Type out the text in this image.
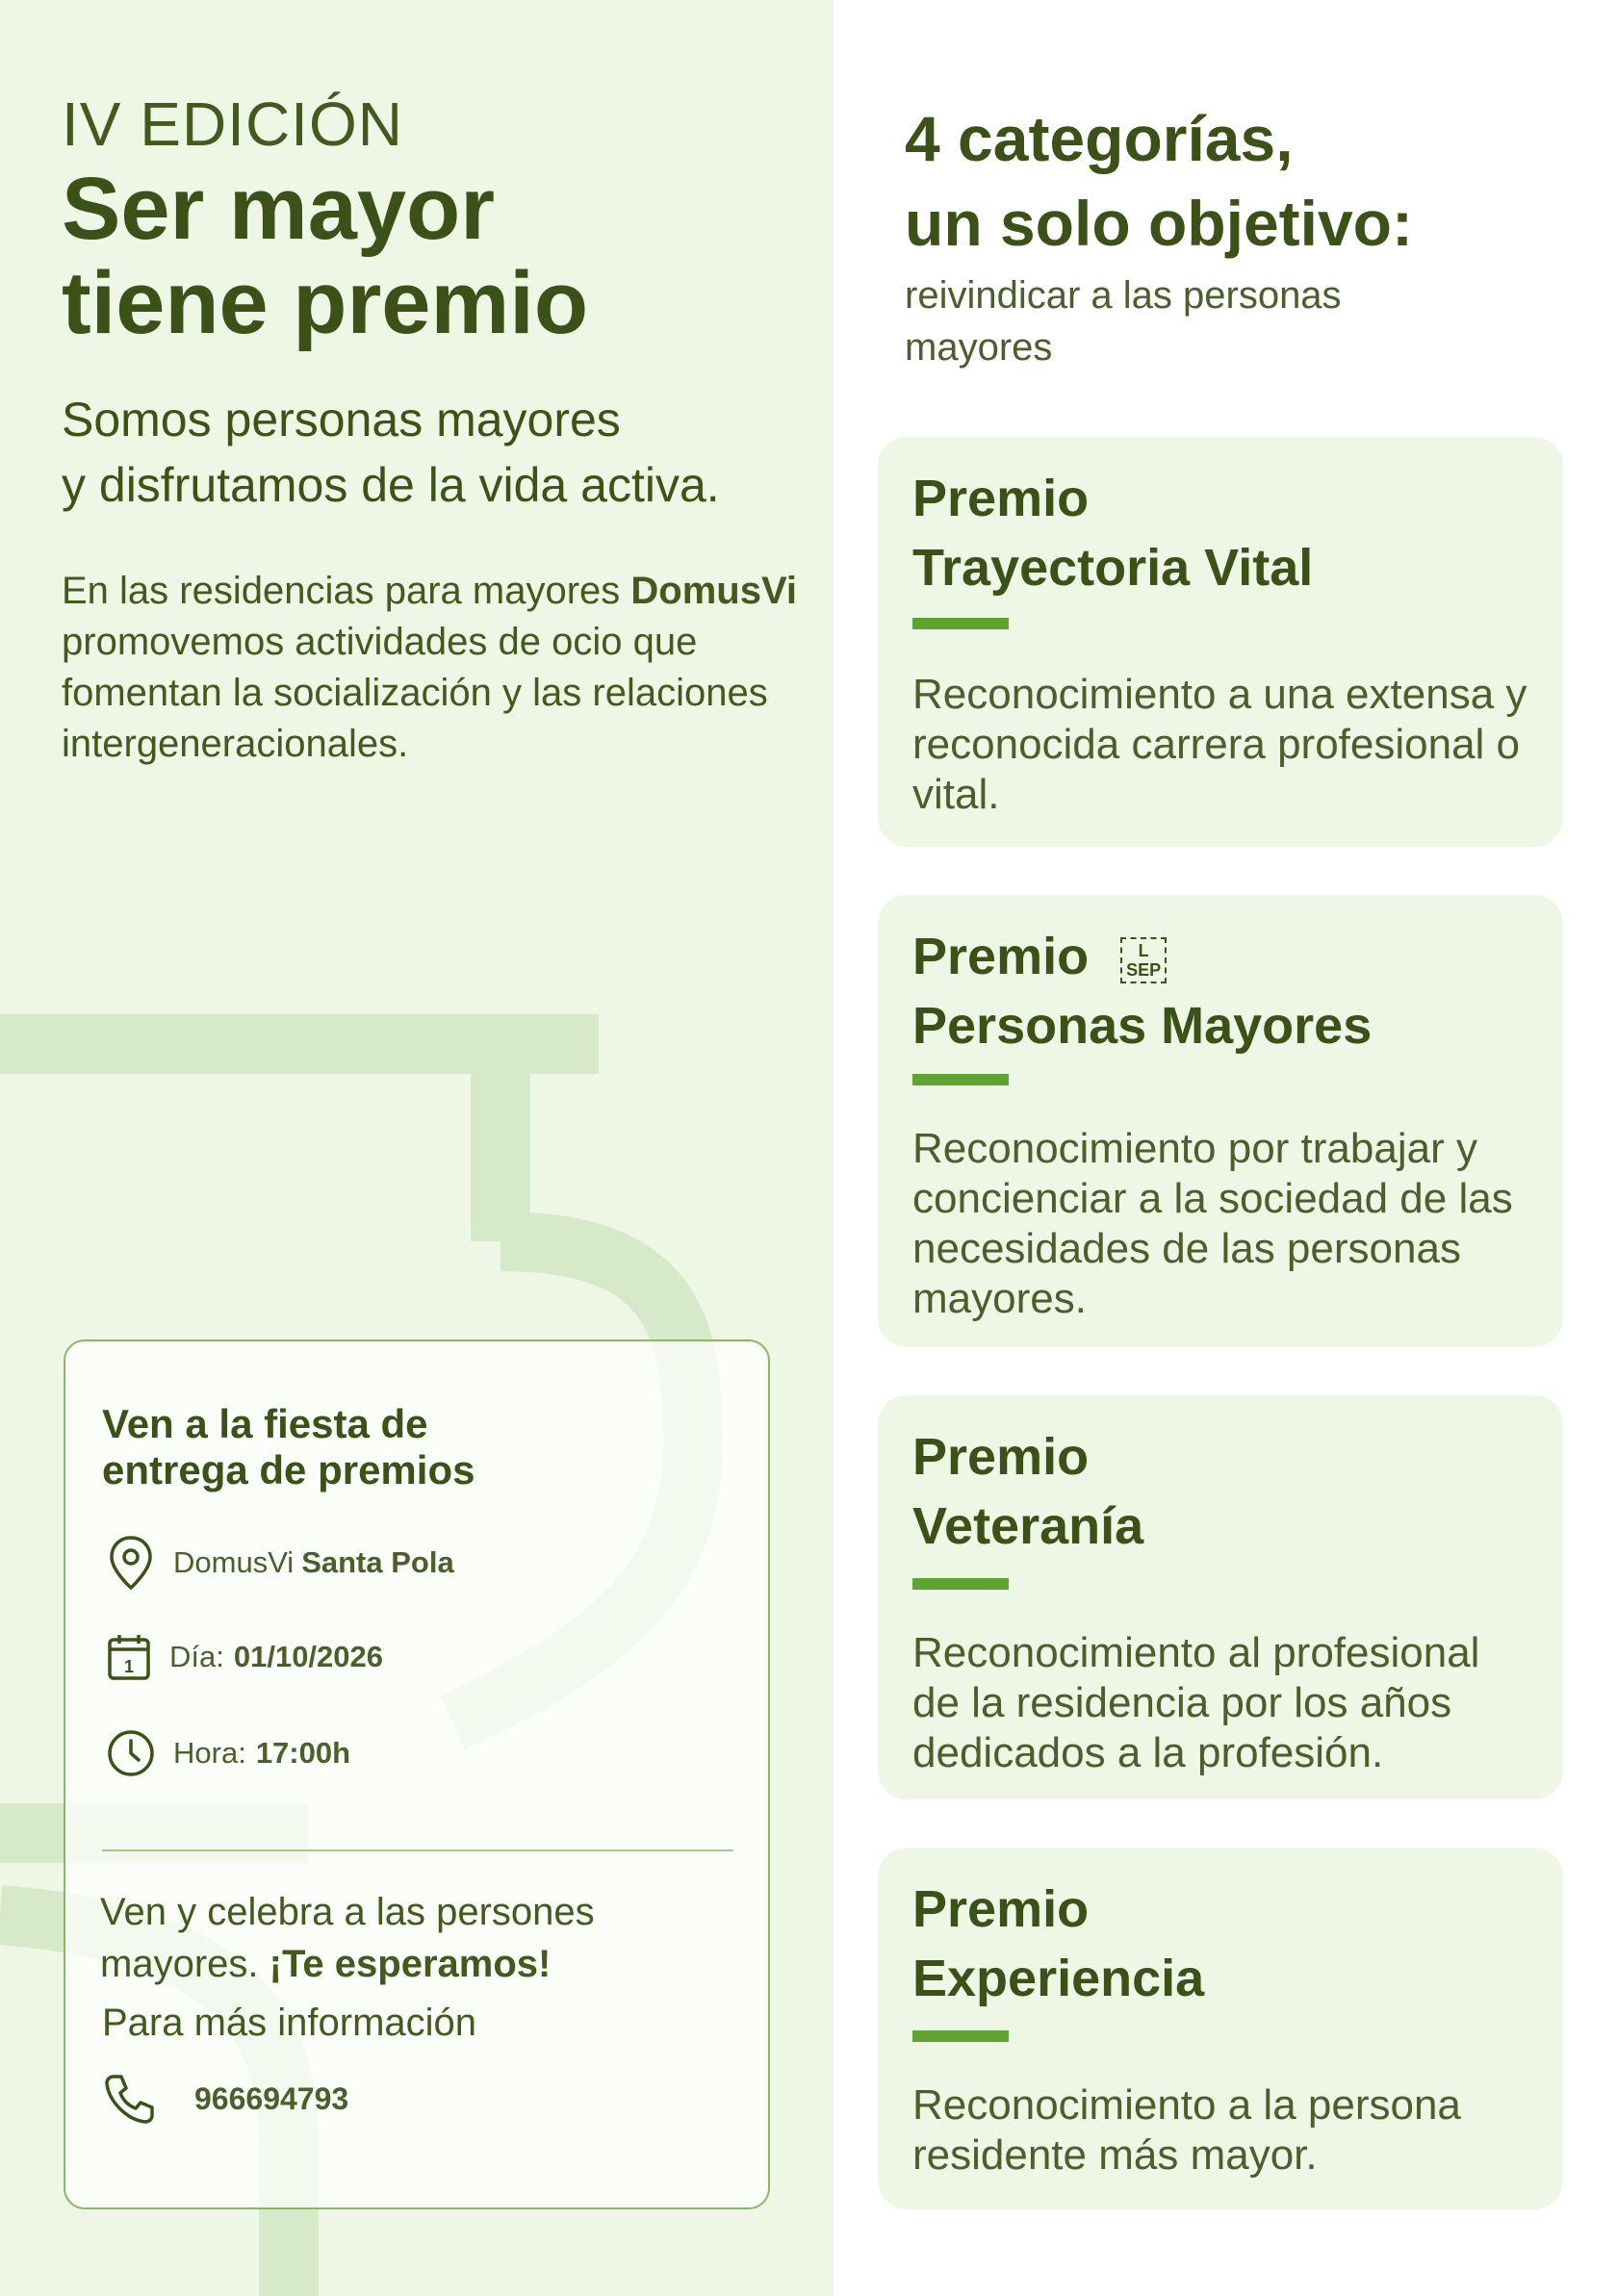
IV EDICIÓN
Ser mayor
tiene premio
Somos personas mayores
y disfrutamos de la vida activa.
En las residencias para mayores DomusVi promovemos actividades de ocio que fomentan la socialización y las relaciones intergeneracionales.
Ven a la fiesta de
entrega de premios
DomusVi Santa Pola
1 Día: 01/10/2026
Hora: 17:00h
Ven y celebra a las persones mayores. ¡Te esperamos!
Para más información
966694793
4 categorías,
un solo objetivo:
reivindicar a las personas mayores
Premio
Trayectoria Vital
Reconocimiento a una extensa y reconocida carrera profesional o vital.
Premio	L
SEP
Personas Mayores
Reconocimiento por trabajar y concienciar a la sociedad de las necesidades de las personas mayores.
Premio
Veteranía
Reconocimiento al profesional de la residencia por los años dedicados a la profesión.
Premio
Experiencia
Reconocimiento a la persona residente más mayor.
